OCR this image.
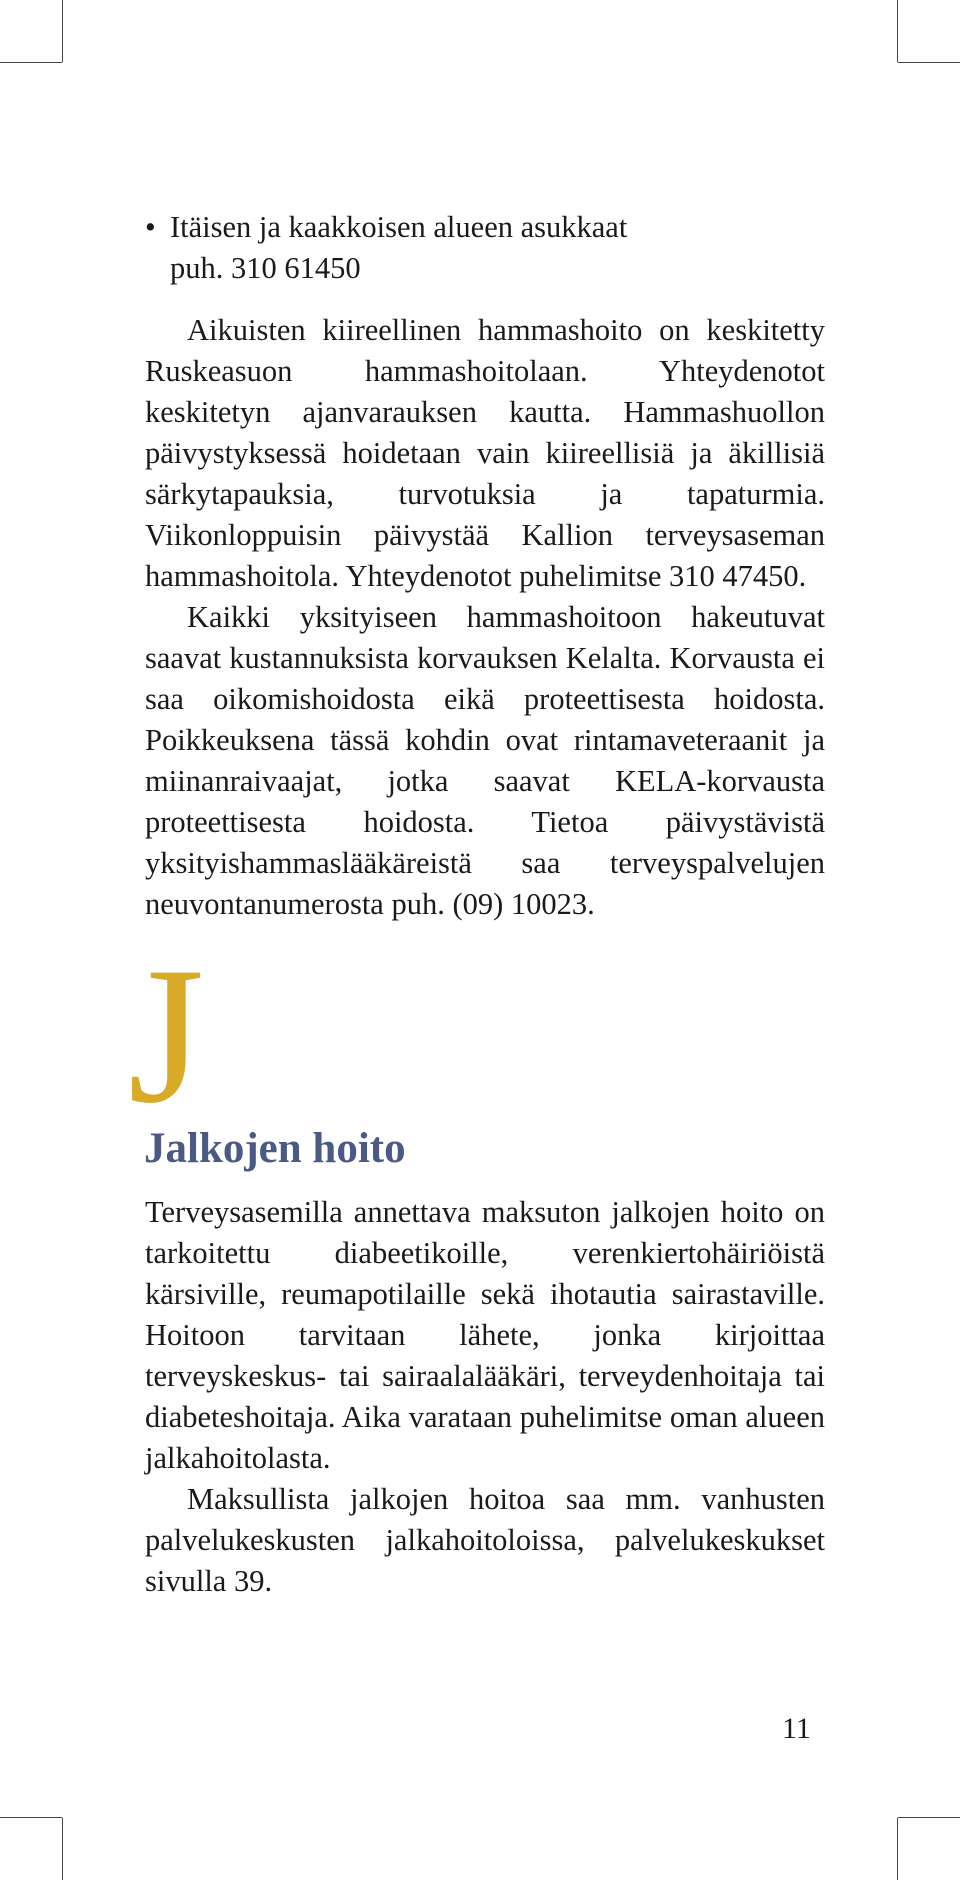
• Itäisen ja kaakkoisen alueen asukkaat
puh. 310 61450

Aikuisten kiireellinen hammashoito on keskitetty Ruskeasuon hammashoitolaan. Yhteydenotot keskitetyn ajanvarauksen kautta. Hammashuollon päivystyksessä hoidetaan vain kiireellisiä ja äkillisiä särkytapauksia, turvotuksia ja tapaturmia. Viikonloppuisin päivystää Kallion terveysaseman hammashoitola. Yhteydenotot puhelimitse 310 47450.

Kaikki yksityiseen hammashoitoon hakeutuvat saavat kustannuksista korvauksen Kelalta. Korvausta ei saa oikomishoidosta eikä proteettisesta hoidosta. Poikkeuksena tässä kohdin ovat rintamaveteraanit ja miinanraivaajat, jotka saavat KELA-korvausta proteettisesta hoidosta. Tietoa päivystävistä yksityishammaslääkäreistä saa terveyspalvelujen neuvontanumerosta puh. (09) 10023.

J
Jalkojen hoito

Terveysasemilla annettava maksuton jalkojen hoito on tarkoitettu diabeetikoille, verenkiertohäiriöistä kärsiville, reumapotilaille sekä ihotautia sairastaville. Hoitoon tarvitaan lähete, jonka kirjoittaa terveyskeskus- tai sairaalalääkäri, terveydenhoitaja tai diabeteshoitaja. Aika varataan puhelimitse oman alueen jalkahoitolasta.

Maksullista jalkojen hoitoa saa mm. vanhusten palvelukeskusten jalkahoitoloissa, palvelukeskukset sivulla 39.

11
